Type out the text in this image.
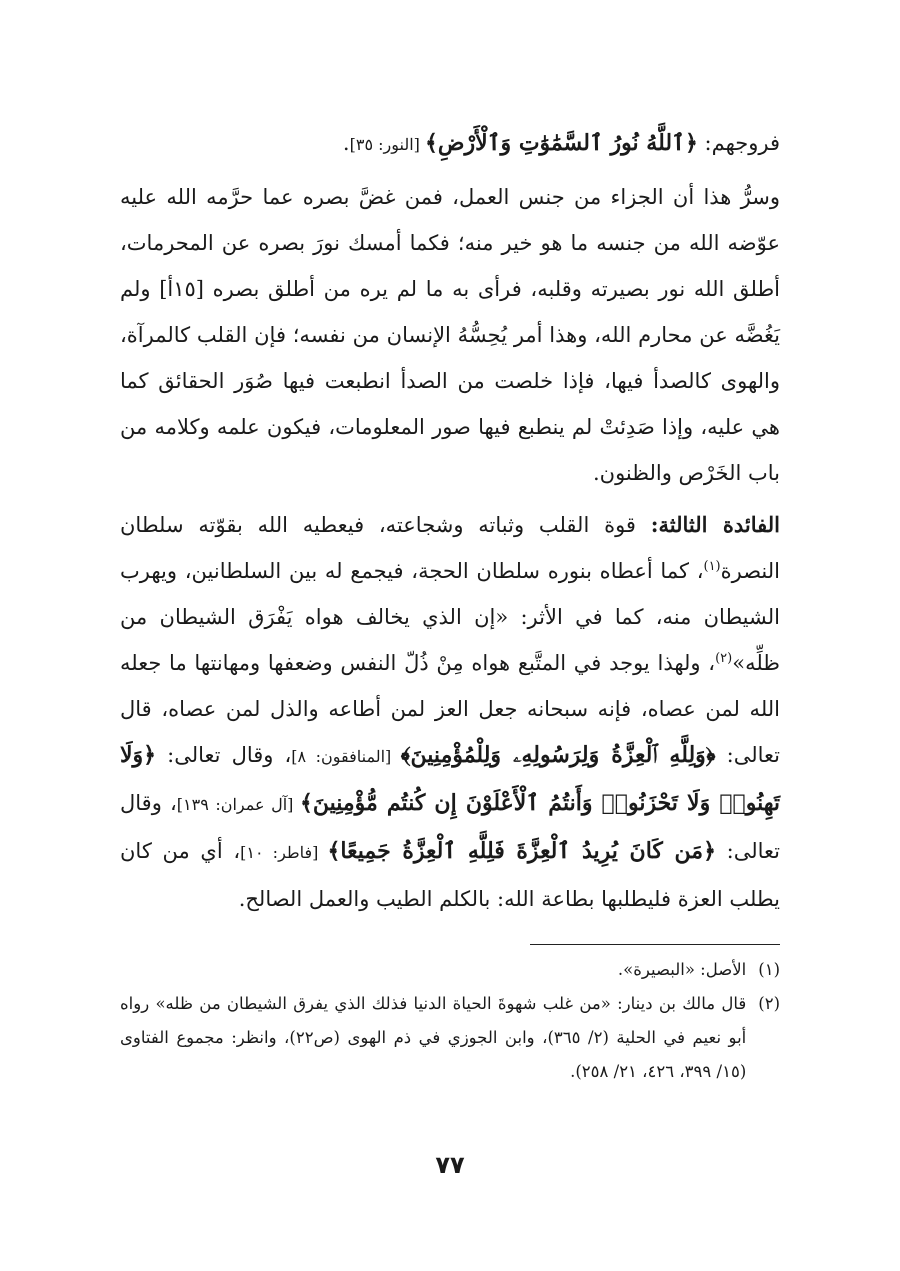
فروجهم: ﴿ٱللَّهُ نُورُ ٱلسَّمَٰوَٰتِ وَٱلْأَرْضِ﴾ [النور: ٣٥].

وسرُّ هذا أن الجزاء من جنس العمل، فمن غضَّ بصره عما حرَّمه الله عليه عوّضه الله من جنسه ما هو خير منه؛ فكما أمسك نورَ بصره عن المحرمات، أطلق الله نور بصيرته وقلبه، فرأى به ما لم يره من أطلق بصره [١٥أ] ولم يَغُضَّه عن محارم الله، وهذا أمر يُحِسُّهُ الإنسان من نفسه؛ فإن القلب كالمرآة، والهوى كالصدأ فيها، فإذا خلصت من الصدأ انطبعت فيها صُوَر الحقائق كما هي عليه، وإذا صَدِئتْ لم ينطبع فيها صور المعلومات، فيكون علمه وكلامه من باب الخَرْص والظنون.

الفائدة الثالثة: قوة القلب وثباته وشجاعته، فيعطيه الله بقوّته سلطان النصرة$^{(١)}$، كما أعطاه بنوره سلطان الحجة، فيجمع له بين السلطانين، ويهرب الشيطان منه، كما في الأثر: «إن الذي يخالف هواه يَفْرَق الشيطان من ظلِّه»$^{(٢)}$، ولهذا يوجد في المتَّبع هواه مِنْ ذُلّ النفس وضعفها ومهانتها ما جعله الله لمن عصاه، فإنه سبحانه جعل العز لمن أطاعه والذل لمن عصاه، قال تعالى: ﴿وَلِلَّهِ ٱلْعِزَّةُ وَلِرَسُولِهِۦ وَلِلْمُؤْمِنِينَ﴾ [المنافقون: ٨]، وقال تعالى: ﴿وَلَا تَهِنُوا۟ وَلَا تَحْزَنُوا۟ وَأَنتُمُ ٱلْأَعْلَوْنَ إِن كُنتُم مُّؤْمِنِينَ﴾ [آل عمران: ١٣٩]، وقال تعالى: ﴿مَن كَانَ يُرِيدُ ٱلْعِزَّةَ فَلِلَّهِ ٱلْعِزَّةُ جَمِيعًا﴾ [فاطر: ١٠]، أي من كان يطلب العزة فليطلبها بطاعة الله: بالكلم الطيب والعمل الصالح.

(١)
الأصل: «البصيرة».
(٢)
قال مالك بن دينار: «من غلب شهوةَ الحياة الدنيا فذلك الذي يفرق الشيطان من ظله» رواه أبو نعيم في الحلية (٢/ ٣٦٥)، وابن الجوزي في ذم الهوى (ص٢٢)، وانظر: مجموع الفتاوى (١٥/ ٣٩٩، ٤٢٦، ٢١/ ٢٥٨).
٧٧
